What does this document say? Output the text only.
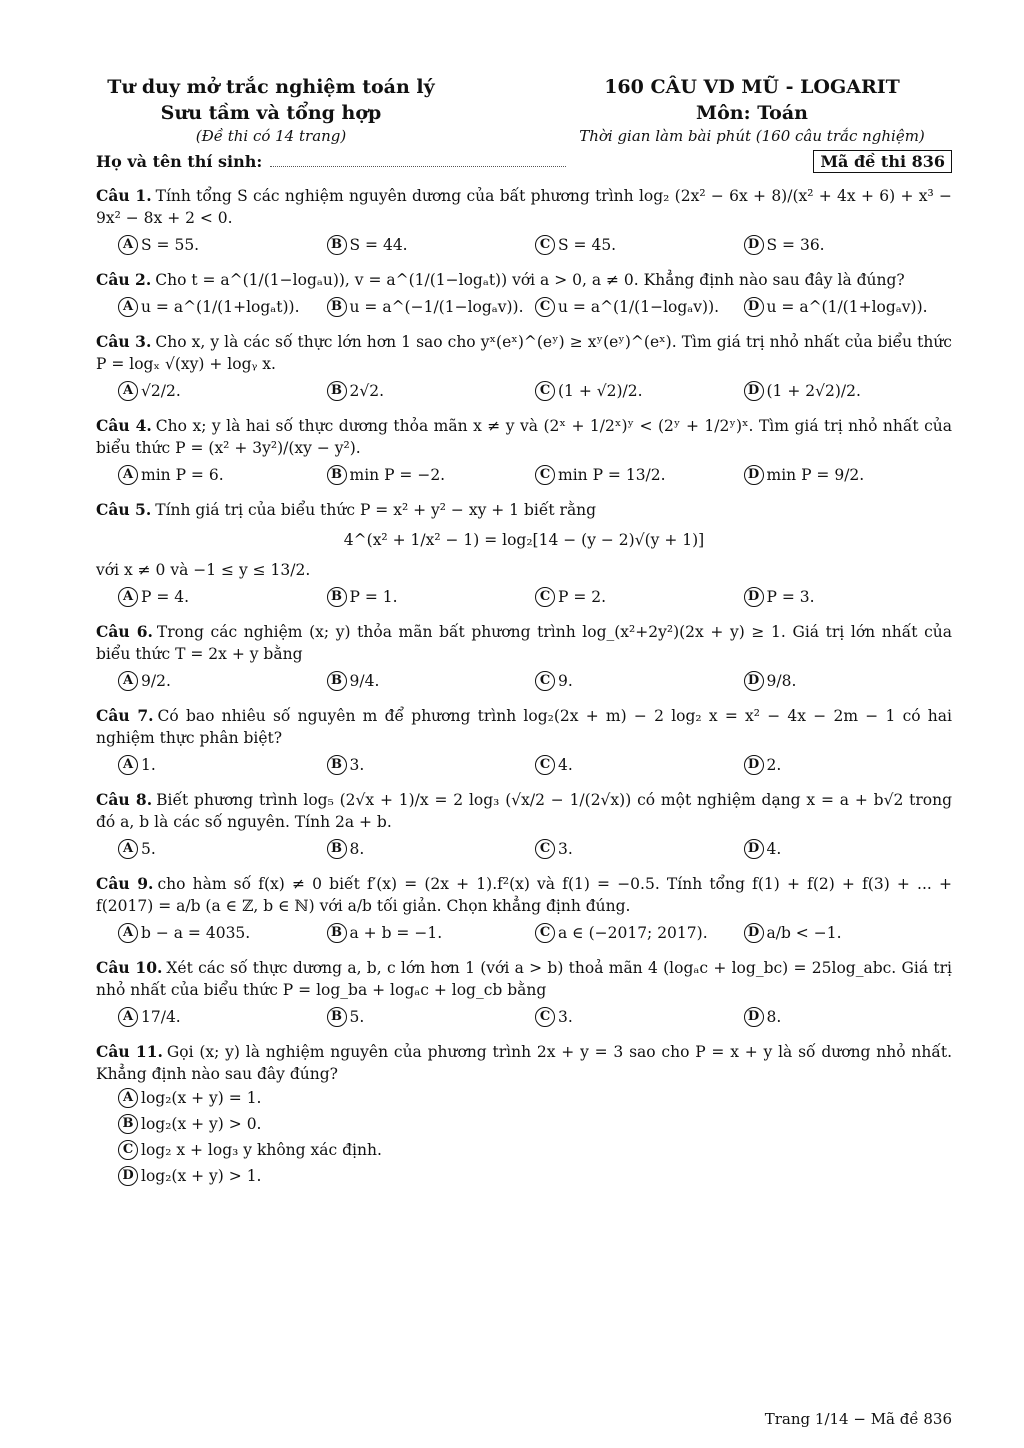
Tư duy mở trắc nghiệm toán lý
Sưu tầm và tổng hợp
(Đề thi có 14 trang)
160 CÂU VD MŨ - LOGARIT
Môn: Toán
Thời gian làm bài phút (160 câu trắc nghiệm)
Họ và tên thí sinh:	Mã đề thi 836
Câu 1. Tính tổng S các nghiệm nguyên dương của bất phương trình log₂ (2x² − 6x + 8)/(x² + 4x + 6) + x³ − 9x² − 8x + 2 < 0.
A S = 55.	B S = 44.	C S = 45.	D S = 36.
Câu 2. Cho t = a^(1/(1−logₐu)), v = a^(1/(1−logₐt)) với a > 0, a ≠ 0. Khẳng định nào sau đây là đúng?
A u = a^(1/(1+logₐt)).	B u = a^(−1/(1−logₐv)).	C u = a^(1/(1−logₐv)).	D u = a^(1/(1+logₐv)).
Câu 3. Cho x, y là các số thực lớn hơn 1 sao cho yˣ(eˣ)^(eʸ) ≥ xʸ(eʸ)^(eˣ). Tìm giá trị nhỏ nhất của biểu thức P = logₓ √(xy) + logᵧ x.
A √2/2.	B 2√2.	C (1 + √2)/2.	D (1 + 2√2)/2.
Câu 4. Cho x; y là hai số thực dương thỏa mãn x ≠ y và (2ˣ + 1/2ˣ)ʸ < (2ʸ + 1/2ʸ)ˣ. Tìm giá trị nhỏ nhất của biểu thức P = (x² + 3y²)/(xy − y²).
A min P = 6.	B min P = −2.	C min P = 13/2.	D min P = 9/2.
Câu 5. Tính giá trị của biểu thức P = x² + y² − xy + 1 biết rằng
4^(x² + 1/x² − 1) = log₂[14 − (y − 2)√(y + 1)]
với x ≠ 0 và −1 ≤ y ≤ 13/2.
A P = 4.	B P = 1.	C P = 2.	D P = 3.
Câu 6. Trong các nghiệm (x; y) thỏa mãn bất phương trình log_(x²+2y²)(2x + y) ≥ 1. Giá trị lớn nhất của biểu thức T = 2x + y bằng
A 9/2.	B 9/4.	C 9.	D 9/8.
Câu 7. Có bao nhiêu số nguyên m để phương trình log₂(2x + m) − 2 log₂ x = x² − 4x − 2m − 1 có hai nghiệm thực phân biệt?
A 1.	B 3.	C 4.	D 2.
Câu 8. Biết phương trình log₅ (2√x + 1)/x = 2 log₃ (√x/2 − 1/(2√x)) có một nghiệm dạng x = a + b√2 trong đó a, b là các số nguyên. Tính 2a + b.
A 5.	B 8.	C 3.	D 4.
Câu 9. cho hàm số f(x) ≠ 0 biết f′(x) = (2x + 1).f²(x) và f(1) = −0.5. Tính tổng f(1) + f(2) + f(3) + ... + f(2017) = a/b (a ∈ ℤ, b ∈ ℕ) với a/b tối giản. Chọn khẳng định đúng.
A b − a = 4035.	B a + b = −1.	C a ∈ (−2017; 2017).	D a/b < −1.
Câu 10. Xét các số thực dương a, b, c lớn hơn 1 (với a > b) thoả mãn 4 (logₐc + log_bc) = 25log_abc. Giá trị nhỏ nhất của biểu thức P = log_ba + logₐc + log_cb bằng
A 17/4.	B 5.	C 3.	D 8.
Câu 11. Gọi (x; y) là nghiệm nguyên của phương trình 2x + y = 3 sao cho P = x + y là số dương nhỏ nhất. Khẳng định nào sau đây đúng?
A log₂(x + y) = 1.
B log₂(x + y) > 0.
C log₂ x + log₃ y không xác định.
D log₂(x + y) > 1.
Trang 1/14 − Mã đề 836
